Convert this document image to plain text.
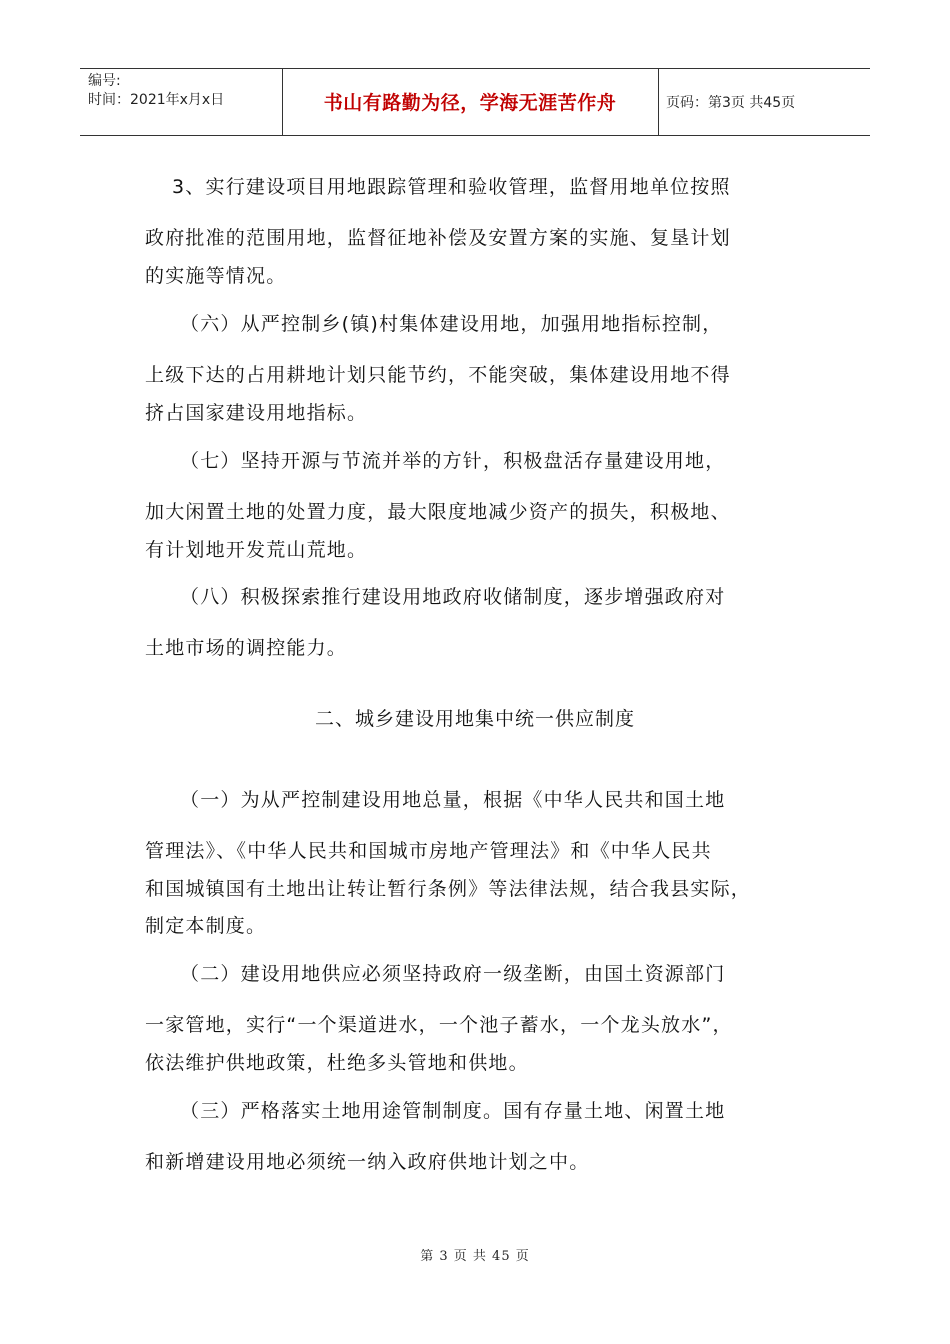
编号:
时间：2021年x月x日	书山有路勤为径，学海无涯苦作舟	页码：第3页 共45页
3、实行建设项目用地跟踪管理和验收管理，监督用地单位按照
政府批准的范围用地，监督征地补偿及安置方案的实施、复垦计划
的实施等情况。
（六）从严控制乡(镇)村集体建设用地，加强用地指标控制，
上级下达的占用耕地计划只能节约，不能突破，集体建设用地不得
挤占国家建设用地指标。
（七）坚持开源与节流并举的方针，积极盘活存量建设用地，
加大闲置土地的处置力度，最大限度地减少资产的损失，积极地、
有计划地开发荒山荒地。
（八）积极探索推行建设用地政府收储制度，逐步增强政府对
土地市场的调控能力。
二、城乡建设用地集中统一供应制度
（一）为从严控制建设用地总量，根据《中华人民共和国土地
管理法》、《中华人民共和国城市房地产管理法》和《中华人民共
和国城镇国有土地出让转让暂行条例》等法律法规，结合我县实际，
制定本制度。
（二）建设用地供应必须坚持政府一级垄断，由国土资源部门
一家管地，实行“一个渠道进水，一个池子蓄水，一个龙头放水”，
依法维护供地政策，杜绝多头管地和供地。
（三）严格落实土地用途管制制度。国有存量土地、闲置土地
和新增建设用地必须统一纳入政府供地计划之中。
第 3 页 共 45 页
